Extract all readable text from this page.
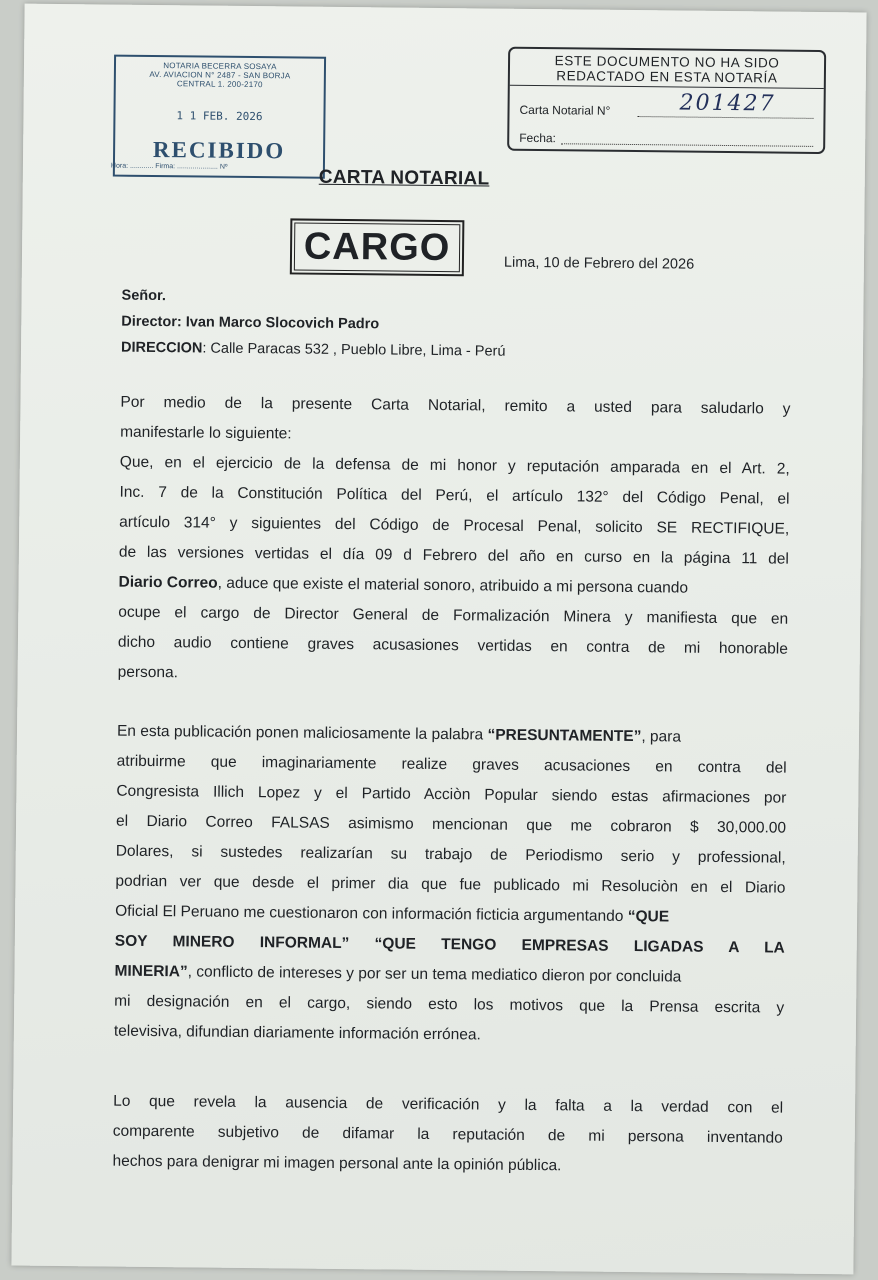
NOTARIA BECERRA SOSAYA
AV. AVIACION N° 2487 - SAN BORJA
CENTRAL 1. 200-2170
1 1 FEB. 2026
RECIBIDO
Hora: ............ Firma: ..................... Nº
ESTE DOCUMENTO NO HA SIDO
REDACTADO EN ESTA NOTARÍA
Carta Notarial N°	201427
Fecha:
CARTA NOTARIAL
CARGO	Lima, 10 de Febrero del 2026
Señor.
Director: Ivan Marco Slocovich Padro
DIRECCION: Calle Paracas 532 , Pueblo Libre, Lima - Perú
Por medio de la presente Carta Notarial, remito a usted para saludarlo y
manifestarle lo siguiente:
Que, en el ejercicio de la defensa de mi honor y reputación amparada en el Art. 2,
Inc. 7 de la Constitución Política del Perú, el artículo 132° del Código Penal, el
artículo 314° y siguientes del Código de Procesal Penal, solicito SE RECTIFIQUE,
de las versiones vertidas el día 09 d Febrero del año en curso en la página 11 del
Diario Correo, aduce que existe el material sonoro, atribuido a mi persona cuando
ocupe el cargo de Director General de Formalización Minera y manifiesta que en
dicho audio contiene graves acusasiones vertidas en contra de mi honorable
persona.
En esta publicación ponen maliciosamente la palabra “PRESUNTAMENTE”, para
atribuirme que imaginariamente realize graves acusaciones en contra del
Congresista Illich Lopez y el Partido Acciòn Popular siendo estas afirmaciones por
el Diario Correo FALSAS asimismo mencionan que me cobraron $ 30,000.00
Dolares, si sustedes realizarían su trabajo de Periodismo serio y professional,
podrian ver que desde el primer dia que fue publicado mi Resoluciòn en el Diario
Oficial El Peruano me cuestionaron con información ficticia argumentando “QUE
SOY MINERO INFORMAL” “QUE TENGO EMPRESAS LIGADAS A LA
MINERIA”, conflicto de intereses y por ser un tema mediatico dieron por concluida
mi designación en el cargo, siendo esto los motivos que la Prensa escrita y
televisiva, difundian diariamente información errónea.
Lo que revela la ausencia de verificación y la falta a la verdad con el
comparente subjetivo de difamar la reputación de mi persona inventando
hechos para denigrar mi imagen personal ante la opinión pública.
